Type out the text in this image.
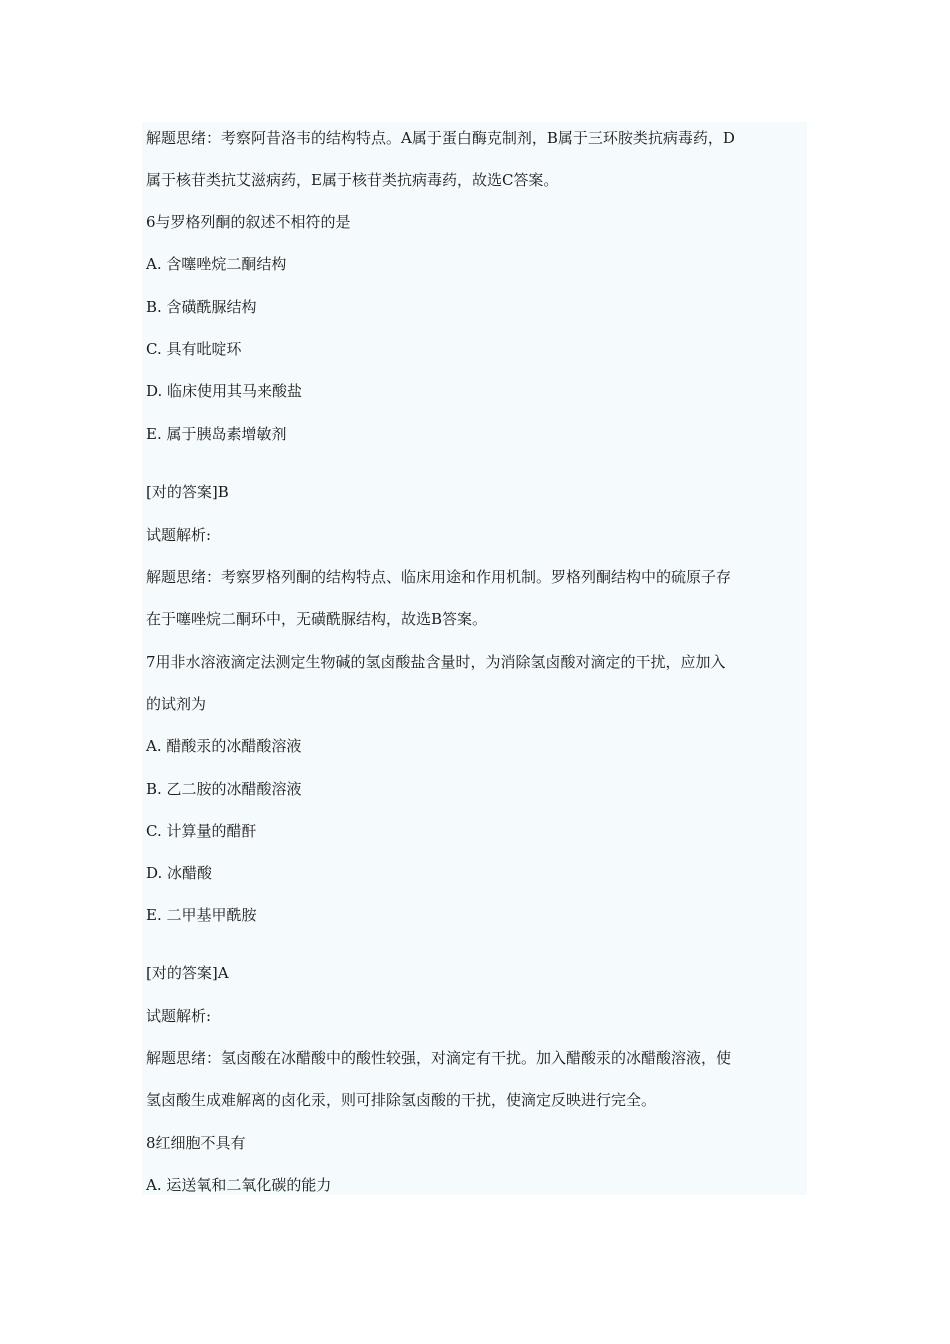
解题思绪：考察阿昔洛韦的结构特点。A属于蛋白酶克制剂，B属于三环胺类抗病毒药，D
属于核苷类抗艾滋病药，E属于核苷类抗病毒药，故选C答案。
6与罗格列酮的叙述不相符的是
A. 含噻唑烷二酮结构
B. 含磺酰脲结构
C. 具有吡啶环
D. 临床使用其马来酸盐
E. 属于胰岛素增敏剂
[对的答案]B
试题解析:
解题思绪：考察罗格列酮的结构特点、临床用途和作用机制。罗格列酮结构中的硫原子存
在于噻唑烷二酮环中，无磺酰脲结构，故选B答案。
7用非水溶液滴定法测定生物碱的氢卤酸盐含量时，为消除氢卤酸对滴定的干扰，应加入
的试剂为
A. 醋酸汞的冰醋酸溶液
B. 乙二胺的冰醋酸溶液
C. 计算量的醋酐
D. 冰醋酸
E. 二甲基甲酰胺
[对的答案]A
试题解析:
解题思绪：氢卤酸在冰醋酸中的酸性较强，对滴定有干扰。加入醋酸汞的冰醋酸溶液，使
氢卤酸生成难解离的卤化汞，则可排除氢卤酸的干扰，使滴定反映进行完全。
8红细胞不具有
A. 运送氧和二氧化碳的能力
